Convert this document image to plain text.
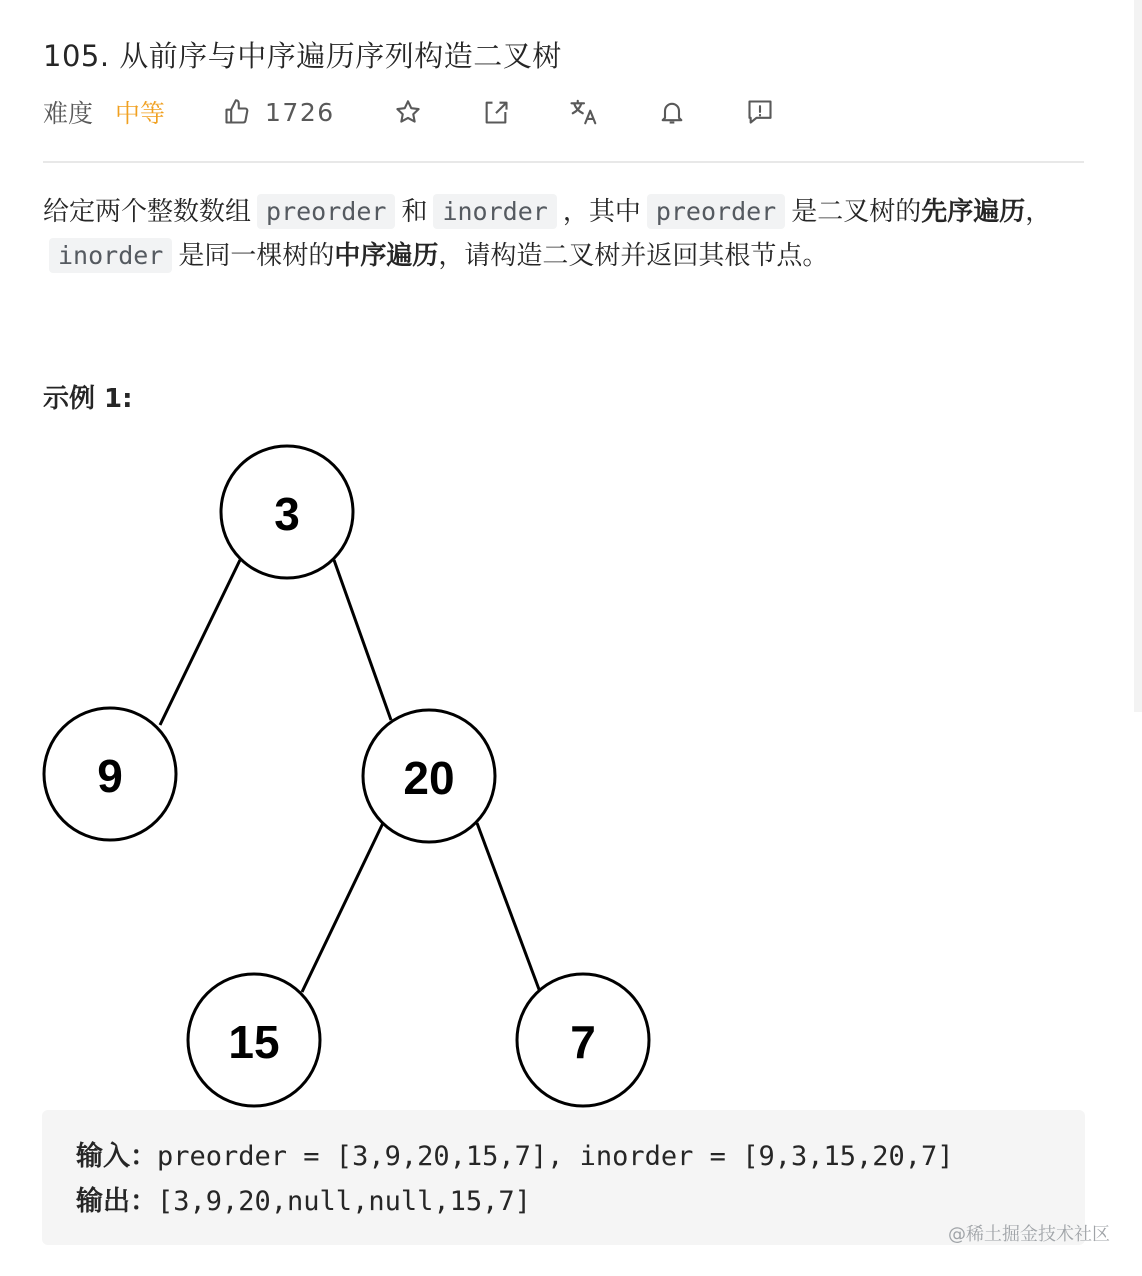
105. 从前序与中序遍历序列构造二叉树
难度 中等	1726
给定两个整数数组 preorder 和 inorder ，其中 preorder 是二叉树的先序遍历，inorder 是同一棵树的中序遍历，请构造二叉树并返回其根节点。
示例 1:
3
9	20
15	7
输入：preorder = [3,9,20,15,7], inorder = [9,3,15,20,7]
输出：[3,9,20,null,null,15,7]
@稀土掘金技术社区
